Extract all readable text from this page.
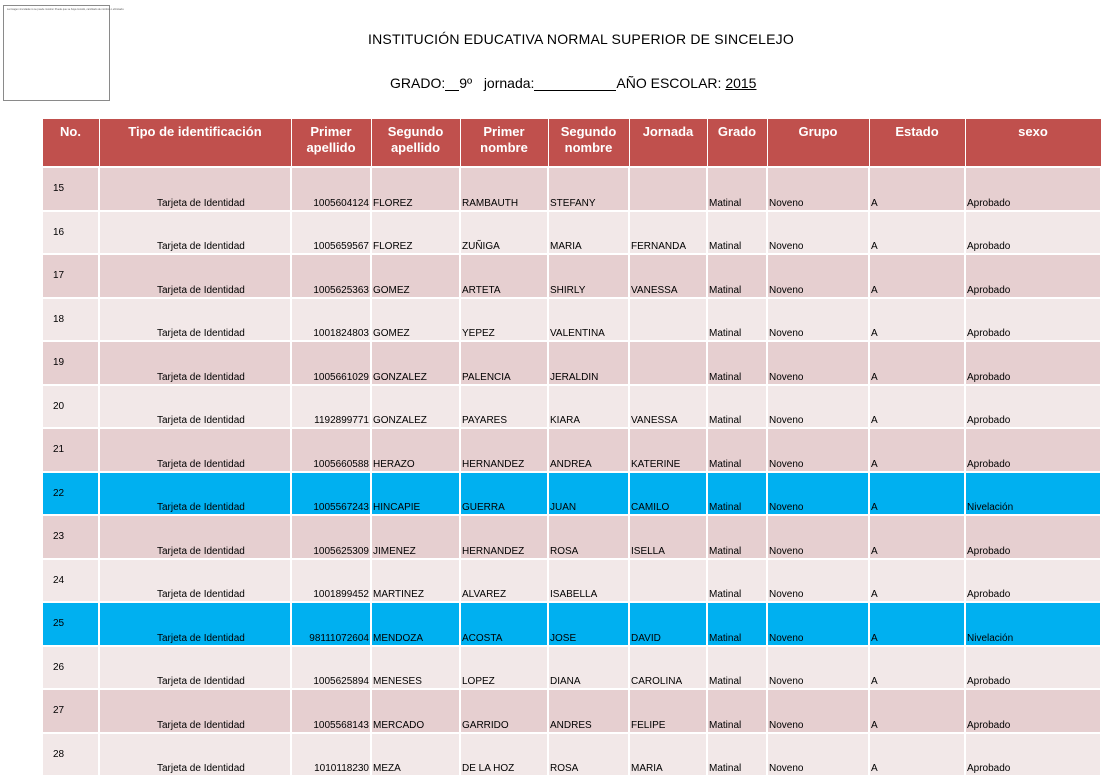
La imagen vinculada no se puede mostrar. Puede que se haya movido, cambiado de nombre o eliminado.
INSTITUCIÓN EDUCATIVA NORMAL SUPERIOR DE SINCELEJO
GRADO: 9º jornada:	AÑO ESCOLAR: 2015
No.	Tipo de identificación	Primer apellido	Segundo apellido	Primer nombre	Segundo nombre	Jornada	Grado	Grupo	Estado	sexo
15	Tarjeta de Identidad	1005604124	FLOREZ	RAMBAUTH	STEFANY		Matinal	Noveno	A	Aprobado
16	Tarjeta de Identidad	1005659567	FLOREZ	ZUÑIGA	MARIA	FERNANDA	Matinal	Noveno	A	Aprobado
17	Tarjeta de Identidad	1005625363	GOMEZ	ARTETA	SHIRLY	VANESSA	Matinal	Noveno	A	Aprobado
18	Tarjeta de Identidad	1001824803	GOMEZ	YEPEZ	VALENTINA		Matinal	Noveno	A	Aprobado
19	Tarjeta de Identidad	1005661029	GONZALEZ	PALENCIA	JERALDIN		Matinal	Noveno	A	Aprobado
20	Tarjeta de Identidad	1192899771	GONZALEZ	PAYARES	KIARA	VANESSA	Matinal	Noveno	A	Aprobado
21	Tarjeta de Identidad	1005660588	HERAZO	HERNANDEZ	ANDREA	KATERINE	Matinal	Noveno	A	Aprobado
22	Tarjeta de Identidad	1005567243	HINCAPIE	GUERRA	JUAN	CAMILO	Matinal	Noveno	A	Nivelación
23	Tarjeta de Identidad	1005625309	JIMENEZ	HERNANDEZ	ROSA	ISELLA	Matinal	Noveno	A	Aprobado
24	Tarjeta de Identidad	1001899452	MARTINEZ	ALVAREZ	ISABELLA		Matinal	Noveno	A	Aprobado
25	Tarjeta de Identidad	98111072604	MENDOZA	ACOSTA	JOSE	DAVID	Matinal	Noveno	A	Nivelación
26	Tarjeta de Identidad	1005625894	MENESES	LOPEZ	DIANA	CAROLINA	Matinal	Noveno	A	Aprobado
27	Tarjeta de Identidad	1005568143	MERCADO	GARRIDO	ANDRES	FELIPE	Matinal	Noveno	A	Aprobado
28	Tarjeta de Identidad	1010118230	MEZA	DE LA HOZ	ROSA	MARIA	Matinal	Noveno	A	Aprobado
